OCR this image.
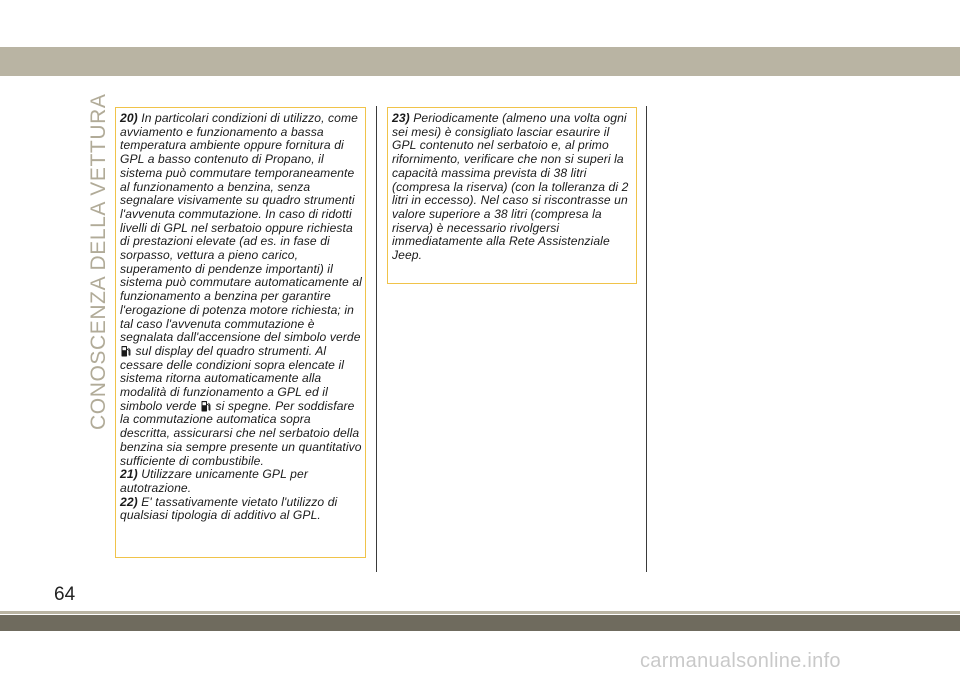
CONOSCENZA DELLA VETTURA 20) In particolari condizioni di utilizzo, come avviamento e funzionamento a bassa temperatura ambiente oppure fornitura di GPL a basso contenuto di Propano, il sistema può commutare temporaneamente al funzionamento a benzina, senza segnalare visivamente su quadro strumenti l'avvenuta commutazione. In caso di ridotti livelli di GPL nel serbatoio oppure richiesta di prestazioni elevate (ad es. in fase di sorpasso, vettura a pieno carico, superamento di pendenze importanti) il sistema può commutare automaticamente al funzionamento a benzina per garantire l'erogazione di potenza motore richiesta; in tal caso l'avvenuta commutazione è segnalata dall'accensione del simbolo verde  sul display del quadro strumenti. Al cessare delle condizioni sopra elencate il sistema ritorna automaticamente alla modalità di funzionamento a GPL ed il simbolo verde si spegne. Per soddisfare la commutazione automatica sopra descritta, assicurarsi che nel serbatoio della benzina sia sempre presente un quantitativo sufficiente di combustibile.
21) Utilizzare unicamente GPL per autotrazione.
22) E' tassativamente vietato l'utilizzo di qualsiasi tipologia di additivo al GPL.
23) Periodicamente (almeno una volta ogni sei mesi) è consigliato lasciar esaurire il GPL contenuto nel serbatoio e, al primo rifornimento, verificare che non si superi la capacità massima prevista di 38 litri (compresa la riserva) (con la tolleranza di 2 litri in eccesso). Nel caso si riscontrasse un valore superiore a 38 litri (compresa la riserva) è necessario rivolgersi immediatamente alla Rete Assistenziale Jeep.
64
carmanualsonline.info
